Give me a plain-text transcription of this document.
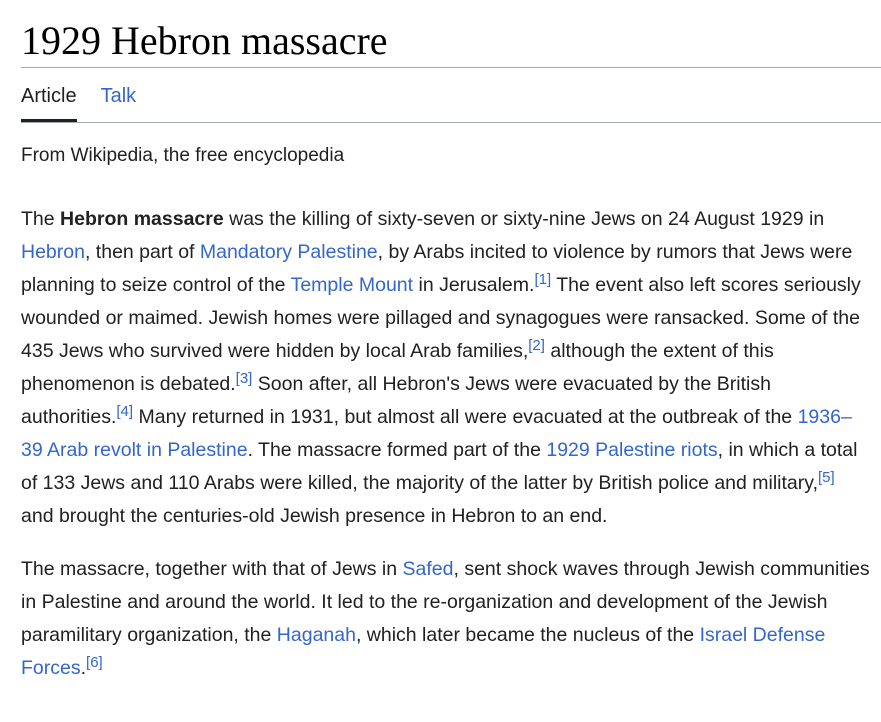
1929 Hebron massacre
Article Talk
From Wikipedia, the free encyclopedia

The Hebron massacre was the killing of sixty-seven or sixty-nine Jews on 24 August 1929 in Hebron, then part of Mandatory Palestine, by Arabs incited to violence by rumors that Jews were planning to seize control of the Temple Mount in Jerusalem.[1] The event also left scores seriously wounded or maimed. Jewish homes were pillaged and synagogues were ransacked. Some of the 435 Jews who survived were hidden by local Arab families,[2] although the extent of this phenomenon is debated.[3] Soon after, all Hebron's Jews were evacuated by the British authorities.[4] Many returned in 1931, but almost all were evacuated at the outbreak of the 1936–39 Arab revolt in Palestine. The massacre formed part of the 1929 Palestine riots, in which a total of 133 Jews and 110 Arabs were killed, the majority of the latter by British police and military,[5] and brought the centuries-old Jewish presence in Hebron to an end.

The massacre, together with that of Jews in Safed, sent shock waves through Jewish communities in Palestine and around the world. It led to the re-organization and development of the Jewish paramilitary organization, the Haganah, which later became the nucleus of the Israel Defense Forces.[6]
